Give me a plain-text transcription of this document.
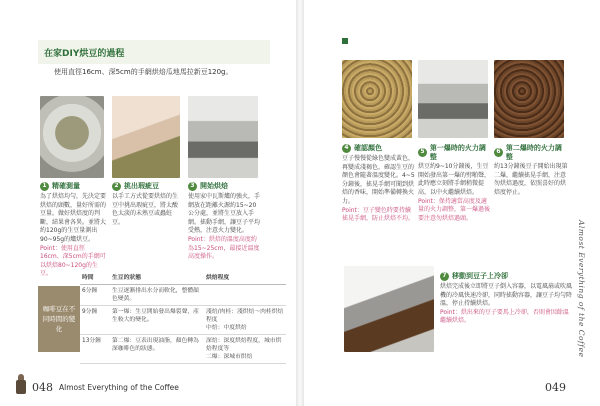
在家DIY烘豆的過程
使用直徑16cm、深5cm的手網烘焙瓜地馬拉新豆120g。
1 精確測量
為了烘焙均勻，先決定要烘焙的頭數，量好所需的豆量。做好烘焙度的判斷，結果會各異。並將大約120g的生豆量測出90~95g的爐烘豆。
Point：使用直徑16cm、深5cm的手網可以烘焙80~120g的生豆。
2 挑出瑕疵豆
以手工方式從要烘焙的生豆中挑出瑕疵豆，將太酸色太淡的未熟豆或蟲蛀豆。
3 開始烘焙
使用家中瓦斯爐的強火，手網放在距離火源約15~20公分處，並將生豆放入手網。搖動手網，讓豆子平均受熱，注意火力變化。
Point：烘焙的溫度高度約為15~25cm，最接近溫度高度操作。
咖啡豆在不同時間的變化
時間	生豆的狀態	烘焙程度
6分鐘	生豆逐漸排出水分而軟化，整體顏色變黃。	
9分鐘	第一爆：生豆開始發出爆裂聲，產生較大的變化。	淺焙/肉桂：淺烘焙～肉桂烘焙程度
中焙：中度烘焙
13分鐘	第二爆：豆表出現油脂，顏色轉為深咖啡色的狀態。	深焙：深度烘焙程度，城市烘焙程度等
二爆：深城市烘焙
048 Almost Everything of the Coffee
4 確認顏色
豆子慢慢從綠色變成黃色，再變成淺褐色，確認生豆的顏色會隨著溫度變化。4~5分鐘後，搖晃手網可聞到烘焙的香味，開始準備轉換火力。
Point：豆子變色時要持續搖晃手網，防止烘焙不均。
5 第一爆時的火力調整
烘豆約9~10分鐘後，生豆開始發出第一爆的劈啪聲，此時應立刻將手網稍微提高，以中火繼續烘焙。
Point：保持適當高度及適量的火力調整，第一爆過後要注意勿烘焙過頭。
6 第二爆時的火力調整
約13分鐘後豆子開始出現第二爆，繼續搖晃手網，注意勿烘焙過度，依照喜好的烘焙度停止。
7 移動到豆子上冷卻
烘焙完成後立即將豆子倒入容器，以電風扇或吹風機的冷風快速冷卻，同時搖動容器，讓豆子均勻降溫，停止持續烘焙。
Point：烘出來的豆子要馬上冷卻，否則會因餘溫繼續烘焙。	Almost Everything of the Coffee
049
